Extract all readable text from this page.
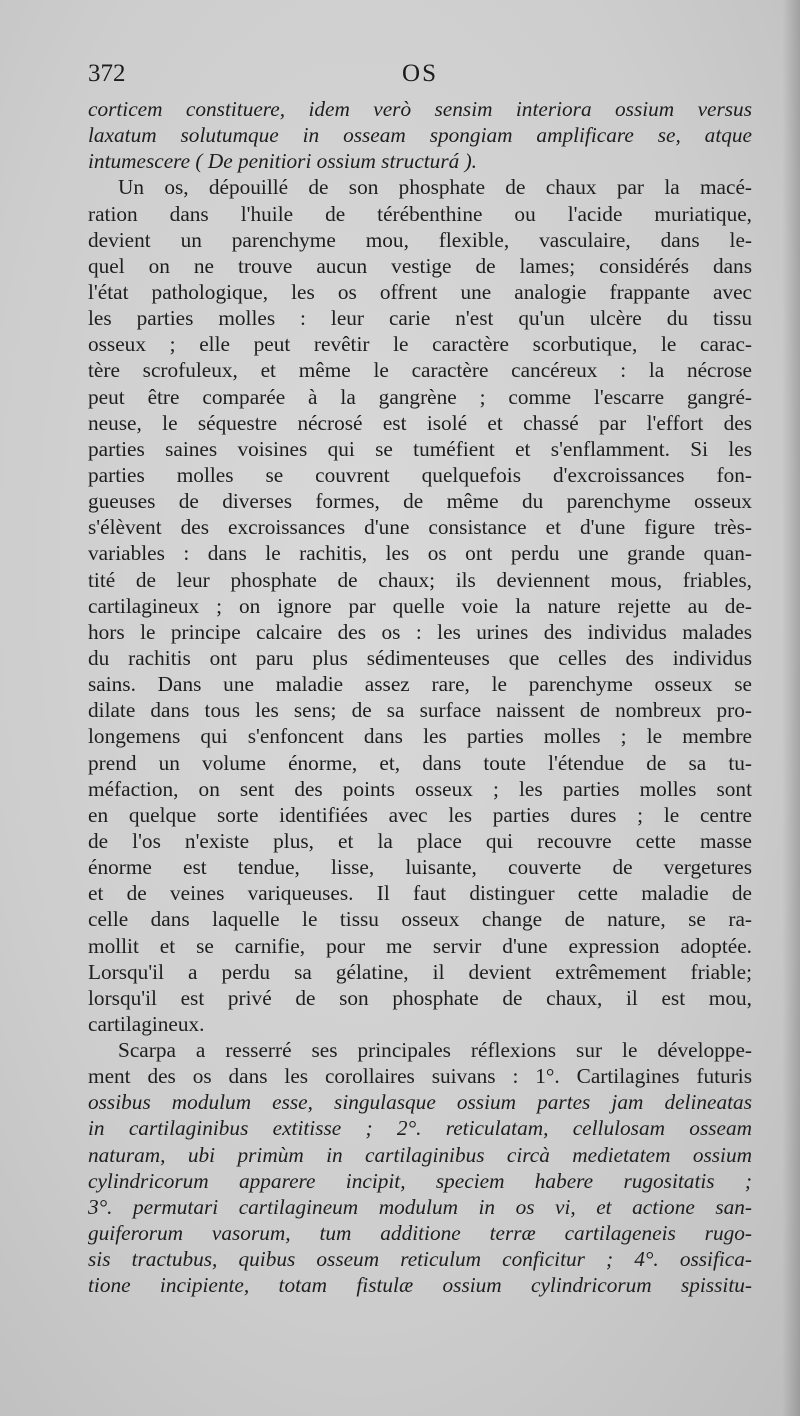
372	OS
corticem constituere, idem verò sensim interiora ossium versus
laxatum solutumque in osseam spongiam amplificare se, atque
intumescere ( De penitiori ossium structurá ).
Un os, dépouillé de son phosphate de chaux par la macé-
ration dans l'huile de térébenthine ou l'acide muriatique,
devient un parenchyme mou, flexible, vasculaire, dans le-
quel on ne trouve aucun vestige de lames; considérés dans
l'état pathologique, les os offrent une analogie frappante avec
les parties molles : leur carie n'est qu'un ulcère du tissu
osseux ; elle peut revêtir le caractère scorbutique, le carac-
tère scrofuleux, et même le caractère cancéreux : la nécrose
peut être comparée à la gangrène ; comme l'escarre gangré-
neuse, le séquestre nécrosé est isolé et chassé par l'effort des
parties saines voisines qui se tuméfient et s'enflamment. Si les
parties molles se couvrent quelquefois d'excroissances fon-
gueuses de diverses formes, de même du parenchyme osseux
s'élèvent des excroissances d'une consistance et d'une figure très-
variables : dans le rachitis, les os ont perdu une grande quan-
tité de leur phosphate de chaux; ils deviennent mous, friables,
cartilagineux ; on ignore par quelle voie la nature rejette au de-
hors le principe calcaire des os : les urines des individus malades
du rachitis ont paru plus sédimenteuses que celles des individus
sains. Dans une maladie assez rare, le parenchyme osseux se
dilate dans tous les sens; de sa surface naissent de nombreux pro-
longemens qui s'enfoncent dans les parties molles ; le membre
prend un volume énorme, et, dans toute l'étendue de sa tu-
méfaction, on sent des points osseux ; les parties molles sont
en quelque sorte identifiées avec les parties dures ; le centre
de l'os n'existe plus, et la place qui recouvre cette masse
énorme est tendue, lisse, luisante, couverte de vergetures
et de veines variqueuses. Il faut distinguer cette maladie de
celle dans laquelle le tissu osseux change de nature, se ra-
mollit et se carnifie, pour me servir d'une expression adoptée.
Lorsqu'il a perdu sa gélatine, il devient extrêmement friable;
lorsqu'il est privé de son phosphate de chaux, il est mou,
cartilagineux.
Scarpa a resserré ses principales réflexions sur le développe-
ment des os dans les corollaires suivans : 1°. Cartilagines futuris
ossibus modulum esse, singulasque ossium partes jam delineatas
in cartilaginibus extitisse ; 2°. reticulatam, cellulosam osseam
naturam, ubi primùm in cartilaginibus circà medietatem ossium
cylindricorum apparere incipit, speciem habere rugositatis ;
3°. permutari cartilagineum modulum in os vi, et actione san-
guiferorum vasorum, tum additione terræ cartilageneis rugo-
sis tractubus, quibus osseum reticulum conficitur ; 4°. ossifica-
tione incipiente, totam fistulæ ossium cylindricorum spissitu-
